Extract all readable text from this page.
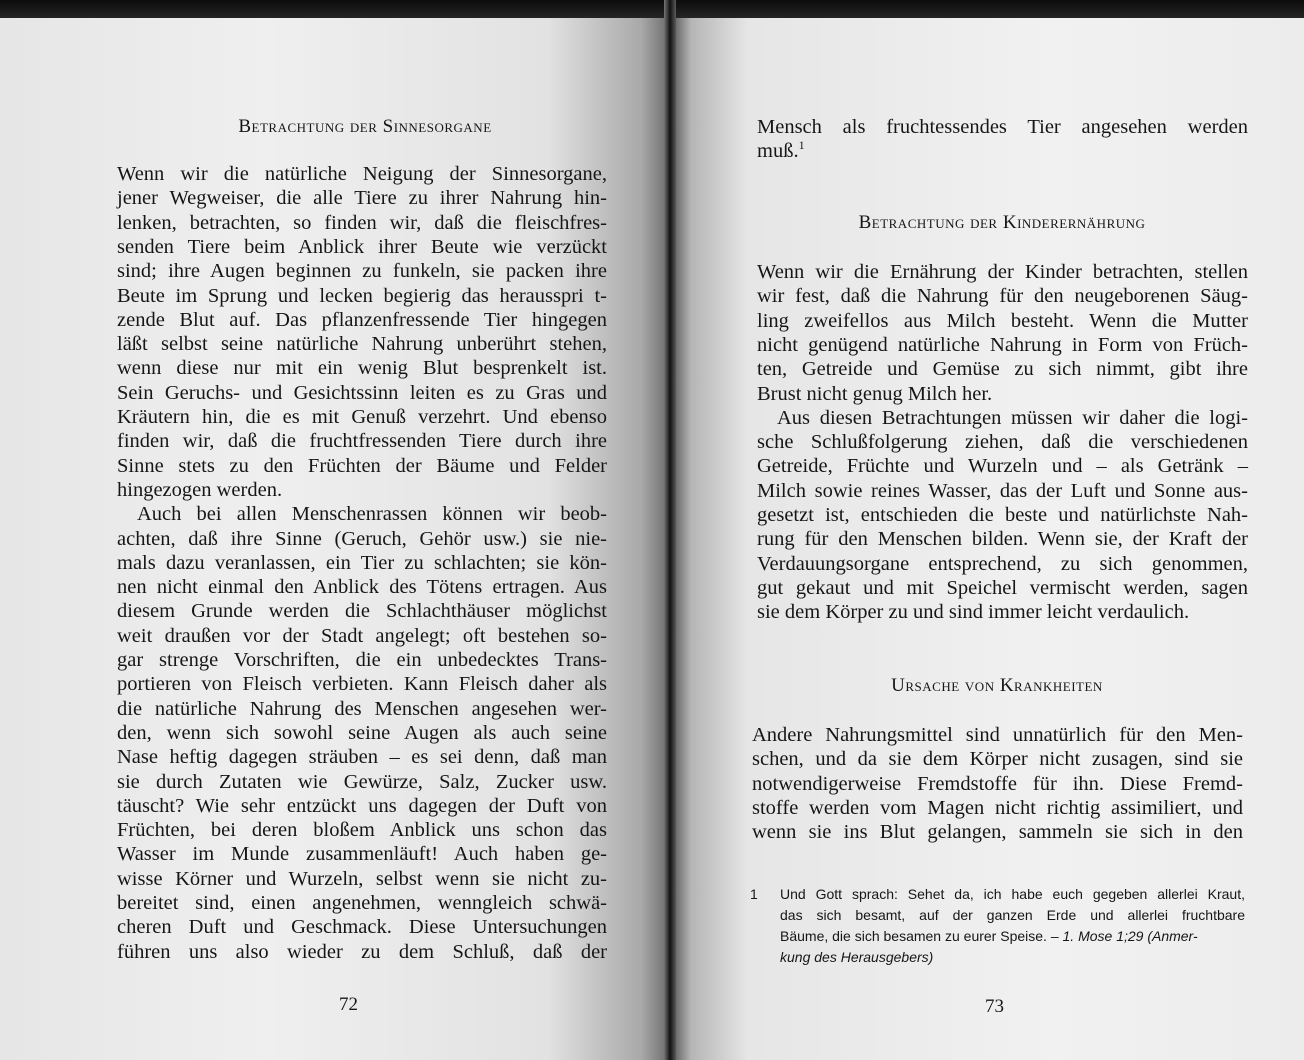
Betrachtung der Sinnesorgane
Wenn wir die natürliche Neigung der Sinnesorgane,
jener Wegweiser, die alle Tiere zu ihrer Nahrung hin-
lenken, betrachten, so finden wir, daß die fleischfres-
senden Tiere beim Anblick ihrer Beute wie verzückt
sind; ihre Augen beginnen zu funkeln, sie packen ihre
Beute im Sprung und lecken begierig das herausspri t-
zende Blut auf. Das pflanzenfressende Tier hingegen
läßt selbst seine natürliche Nahrung unberührt stehen,
wenn diese nur mit ein wenig Blut besprenkelt ist.
Sein Geruchs- und Gesichtssinn leiten es zu Gras und
Kräutern hin, die es mit Genuß verzehrt. Und ebenso
finden wir, daß die fruchtfressenden Tiere durch ihre
Sinne stets zu den Früchten der Bäume und Felder
hingezogen werden.
Auch bei allen Menschenrassen können wir beob-
achten, daß ihre Sinne (Geruch, Gehör usw.) sie nie-
mals dazu veranlassen, ein Tier zu schlachten; sie kön-
nen nicht einmal den Anblick des Tötens ertragen. Aus
diesem Grunde werden die Schlachthäuser möglichst
weit draußen vor der Stadt angelegt; oft bestehen so-
gar strenge Vorschriften, die ein unbedecktes Trans-
portieren von Fleisch verbieten. Kann Fleisch daher als
die natürliche Nahrung des Menschen angesehen wer-
den, wenn sich sowohl seine Augen als auch seine
Nase heftig dagegen sträuben – es sei denn, daß man
sie durch Zutaten wie Gewürze, Salz, Zucker usw.
täuscht? Wie sehr entzückt uns dagegen der Duft von
Früchten, bei deren bloßem Anblick uns schon das
Wasser im Munde zusammenläuft! Auch haben ge-
wisse Körner und Wurzeln, selbst wenn sie nicht zu-
bereitet sind, einen angenehmen, wenngleich schwä-
cheren Duft und Geschmack. Diese Untersuchungen
führen uns also wieder zu dem Schluß, daß der
72
Mensch als fruchtessendes Tier angesehen werden
muß.$^1$
Betrachtung der Kinderernährung
Wenn wir die Ernährung der Kinder betrachten, stellen
wir fest, daß die Nahrung für den neugeborenen Säug-
ling zweifellos aus Milch besteht. Wenn die Mutter
nicht genügend natürliche Nahrung in Form von Früch-
ten, Getreide und Gemüse zu sich nimmt, gibt ihre
Brust nicht genug Milch her.
Aus diesen Betrachtungen müssen wir daher die logi-
sche Schlußfolgerung ziehen, daß die verschiedenen
Getreide, Früchte und Wurzeln und – als Getränk –
Milch sowie reines Wasser, das der Luft und Sonne aus-
gesetzt ist, entschieden die beste und natürlichste Nah-
rung für den Menschen bilden. Wenn sie, der Kraft der
Verdauungsorgane entsprechend, zu sich genommen,
gut gekaut und mit Speichel vermischt werden, sagen
sie dem Körper zu und sind immer leicht verdaulich.
Ursache von Krankheiten
Andere Nahrungsmittel sind unnatürlich für den Men-
schen, und da sie dem Körper nicht zusagen, sind sie
notwendigerweise Fremdstoffe für ihn. Diese Fremd-
stoffe werden vom Magen nicht richtig assimiliert, und
wenn sie ins Blut gelangen, sammeln sie sich in den
1 Und Gott sprach: Sehet da, ich habe euch gegeben allerlei Kraut,
das sich besamt, auf der ganzen Erde und allerlei fruchtbare
Bäume, die sich besamen zu eurer Speise. – 1. Mose 1;29 (Anmer-
kung des Herausgebers)
73
